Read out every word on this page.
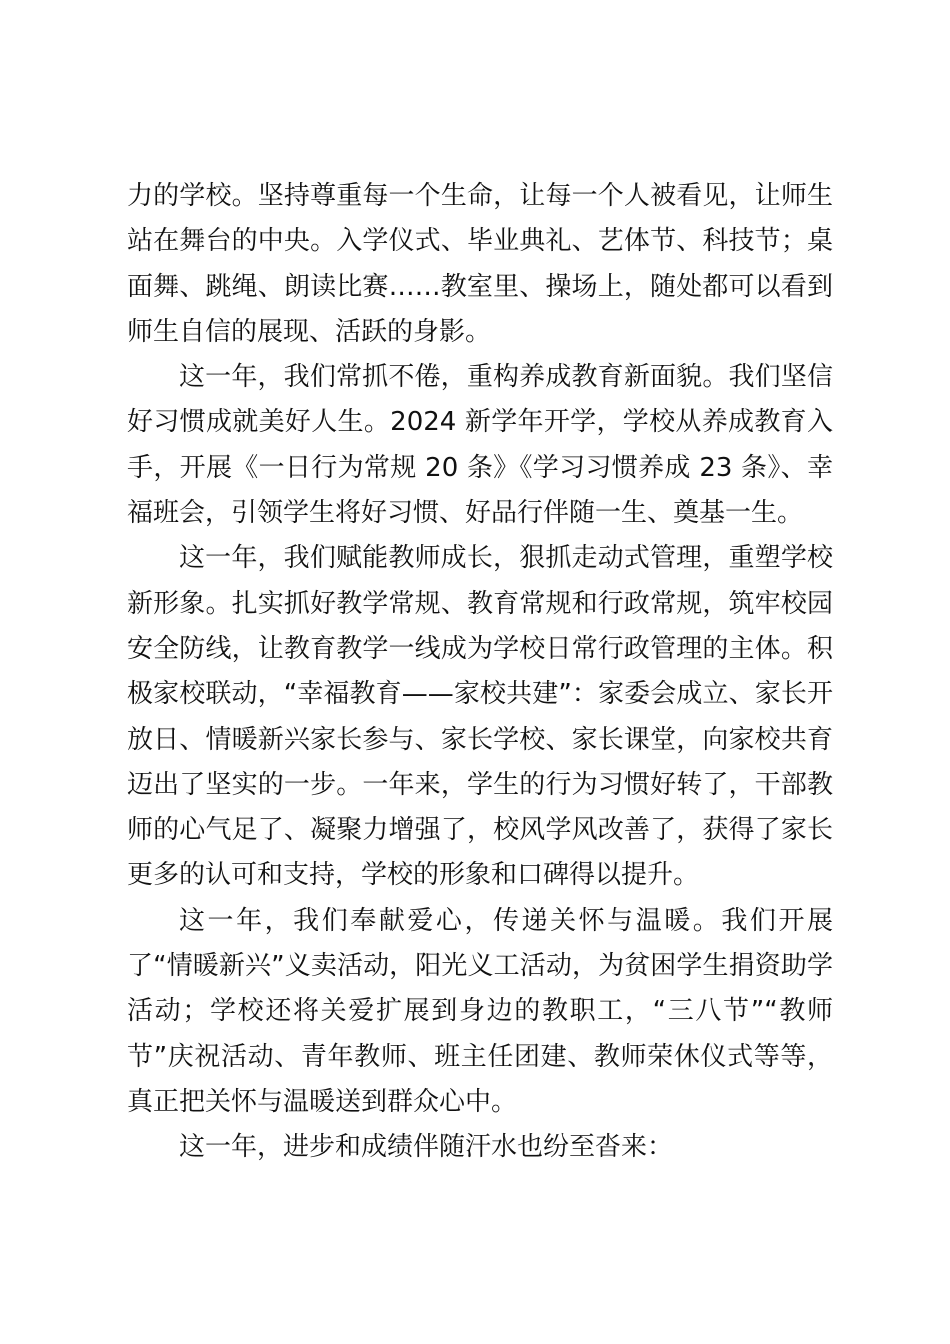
力的学校。坚持尊重每一个生命，让每一个人被看见，让师生站在舞台的中央。入学仪式、毕业典礼、艺体节、科技节；桌面舞、跳绳、朗读比赛……教室里、操场上，随处都可以看到师生自信的展现、活跃的身影。

这一年，我们常抓不倦，重构养成教育新面貌。我们坚信好习惯成就美好人生。2024 新学年开学，学校从养成教育入手，开展《一日行为常规 20 条》《学习习惯养成 23 条》、幸福班会，引领学生将好习惯、好品行伴随一生、奠基一生。

这一年，我们赋能教师成长，狠抓走动式管理，重塑学校新形象。扎实抓好教学常规、教育常规和行政常规，筑牢校园安全防线，让教育教学一线成为学校日常行政管理的主体。积极家校联动，“幸福教育——家校共建”：家委会成立、家长开放日、情暖新兴家长参与、家长学校、家长课堂，向家校共育迈出了坚实的一步。一年来，学生的行为习惯好转了，干部教师的心气足了、凝聚力增强了，校风学风改善了，获得了家长更多的认可和支持，学校的形象和口碑得以提升。

这一年，我们奉献爱心，传递关怀与温暖。我们开展了“情暖新兴”义卖活动，阳光义工活动，为贫困学生捐资助学活动；学校还将关爱扩展到身边的教职工，“三八节”“教师节”庆祝活动、青年教师、班主任团建、教师荣休仪式等等，真正把关怀与温暖送到群众心中。

这一年，进步和成绩伴随汗水也纷至沓来：
